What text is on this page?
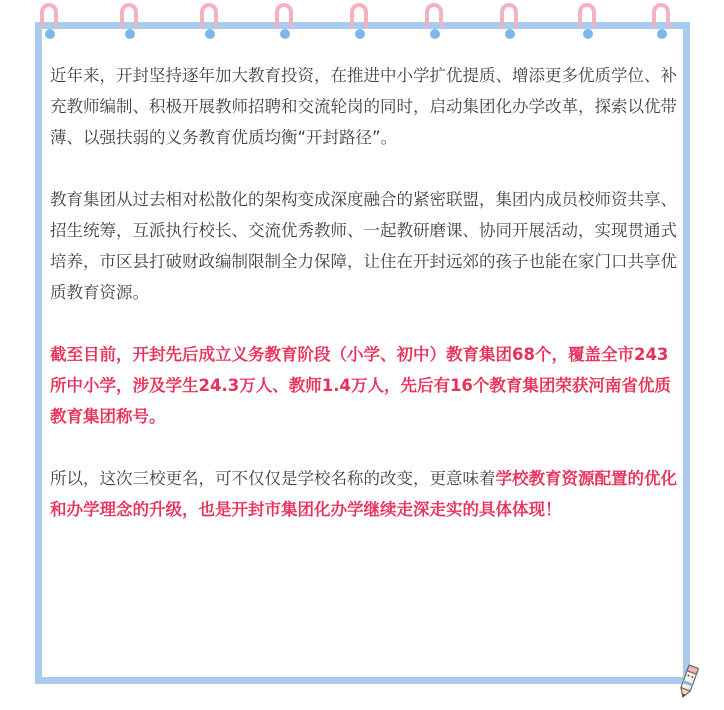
近年来，开封坚持逐年加大教育投资，在推进中小学扩优提质、增添更多优质学位、补充教师编制、积极开展教师招聘和交流轮岗的同时，启动集团化办学改革，探索以优带薄、以强扶弱的义务教育优质均衡“开封路径”。

教育集团从过去相对松散化的架构变成深度融合的紧密联盟，集团内成员校师资共享、招生统筹，互派执行校长、交流优秀教师、一起教研磨课、协同开展活动，实现贯通式培养，市区县打破财政编制限制全力保障，让住在开封远郊的孩子也能在家门口共享优质教育资源。

截至目前，开封先后成立义务教育阶段（小学、初中）教育集团68个，覆盖全市243所中小学，涉及学生24.3万人、教师1.4万人，先后有16个教育集团荣获河南省优质教育集团称号。

所以，这次三校更名，可不仅仅是学校名称的改变，更意味着学校教育资源配置的优化和办学理念的升级，也是开封市集团化办学继续走深走实的具体体现！
